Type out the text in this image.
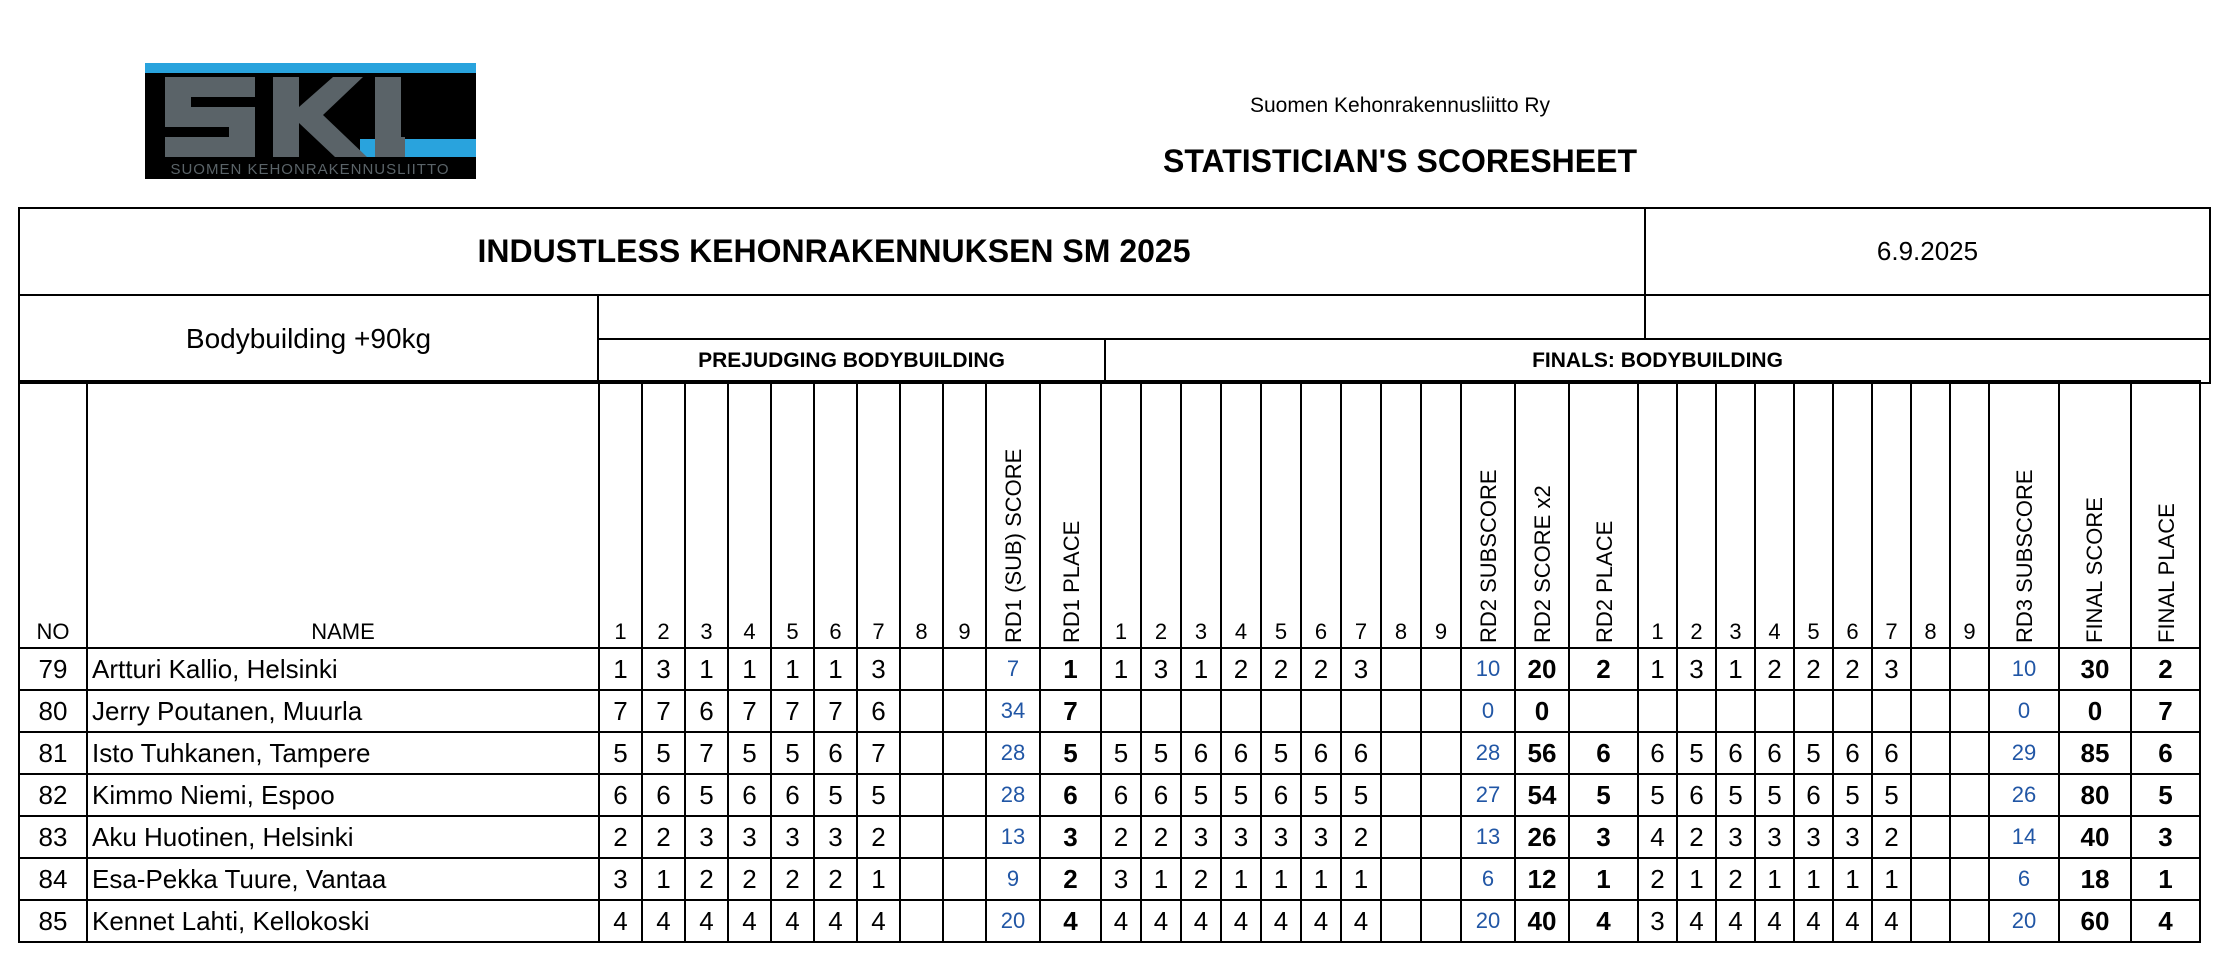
SUOMEN KEHONRAKENNUSLIITTO
Suomen Kehonrakennusliitto Ry
STATISTICIAN'S SCORESHEET
INDUSTLESS KEHONRAKENNUKSEN SM 2025	6.9.2025
Bodybuilding +90kg
PREJUDGING BODYBUILDING	FINALS: BODYBUILDING
NO	NAME	1	2	3	4	5	6	7	8	9	RD1 (SUB) SCORE	RD1 PLACE	1	2	3	4	5	6	7	8	9	RD2 SUBSCORE	RD2 SCORE x2	RD2 PLACE	1	2	3	4	5	6	7	8	9	RD3 SUBSCORE	FINAL SCORE	FINAL PLACE

79	Artturi Kallio, Helsinki	1	3	1	1	1	1	3			7	1	1	3	1	2	2	2	3			10	20	2	1	3	1	2	2	2	3			10	30	2
80	Jerry Poutanen, Muurla	7	7	6	7	7	7	6			34	7										0	0											0	0	7
81	Isto Tuhkanen, Tampere	5	5	7	5	5	6	7			28	5	5	5	6	6	5	6	6			28	56	6	6	5	6	6	5	6	6			29	85	6
82	Kimmo Niemi, Espoo	6	6	5	6	6	5	5			28	6	6	6	5	5	6	5	5			27	54	5	5	6	5	5	6	5	5			26	80	5
83	Aku Huotinen, Helsinki	2	2	3	3	3	3	2			13	3	2	2	3	3	3	3	2			13	26	3	4	2	3	3	3	3	2			14	40	3
84	Esa-Pekka Tuure, Vantaa	3	1	2	2	2	2	1			9	2	3	1	2	1	1	1	1			6	12	1	2	1	2	1	1	1	1			6	18	1
85	Kennet Lahti, Kellokoski	4	4	4	4	4	4	4			20	4	4	4	4	4	4	4	4			20	40	4	3	4	4	4	4	4	4			20	60	4
